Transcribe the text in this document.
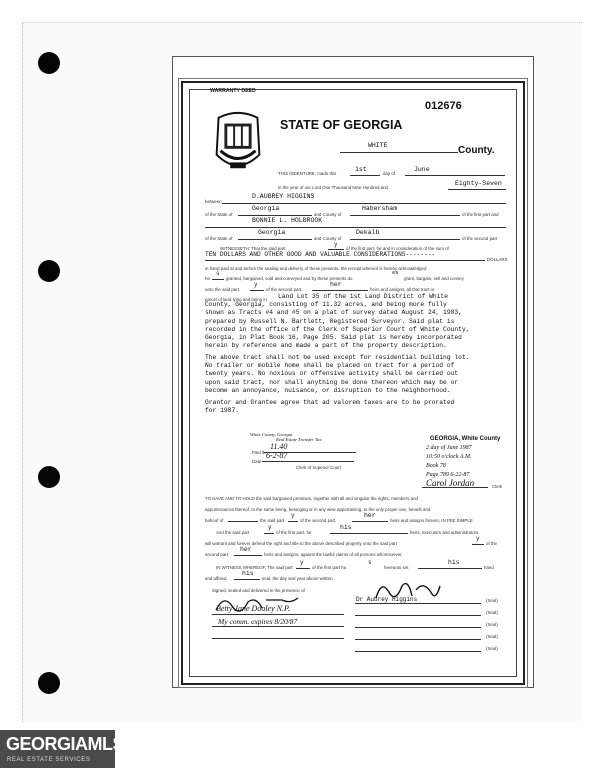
WARRANTY DEED
012676
STATE OF GEORGIA
WHITE	County.
THIS INDENTURE, made this
1st
day of
June
in the year of our Lord One Thousand Nine Hundred and
Eighty-Seven
between
D.AUBREY HIGGINS
of the State of
Georgia
and County of
Habersham
of the first part and
BONNIE L. HOLBROOK
of the State of
Georgia
and County of
Dekalb
of the second part
WITNESSETH: That the said part
y
of the first part, for and in consideration of the sum of
TEN DOLLARS AND OTHER GOOD AND VALUABLE CONSIDERATIONS--------
DOLLARS
in hand paid at and before the sealing and delivery of these presents, the receipt whereof is hereby acknowledged
he
s
granted, bargained, sold and conveyed and by these presents do
es
grant, bargain, sell and convey
unto the said part
y
of the second part,
her
heirs and assigns, all that tract or
parcel of land lying and being in Land Lot 35 of the 1st Land District of White
County, Georgia, consisting of 11.32 acres, and being more fully
shown as Tracts #4 and #5 on a plat of survey dated August 24, 1983,
prepared by Russell N. Bartlett, Registered Surveyor. Said plat is
recorded in the office of the Clerk of Superior Court of White County,
Georgia, in Plat Book 16, Page 205. Said plat is hereby incorporated
herein by reference and made a part of the property description.
The above tract shall not be used except for residential building lot.
No trailer or mobile home shall be placed on tract for a period of
twenty years. No noxious or offensive activity shall be carried out
upon said tract, nor shall anything be done thereon which may be or
become an annoyance, nuisance, or disruption to the neighborhood.
Grantor and Grantee agree that ad valorem taxes are to be prorated
for 1987.
White County, Georgia
Real Estate Transfer Tax
Paid $
11.40
Date
6-2-87
Clerk of Superior Court
GEORGIA, White County
2 day of June 1987
10:50 o'clock A.M.
Book 78
Page 789 6-22-87
Carol Jordan	Clerk
TO HAVE AND TO HOLD the said bargained premises, together with all and singular the rights, members and
appurtenances thereof, to the same being, belonging or in any wise appertaining, to the only proper use, benefit and
behoof of	the said part
y
of the second part,
her
heirs and assigns forever, IN FEE SIMPLE.
And the said part
y
of the first part, for
his
heirs, executors and administrators
will warrant and forever defend the right and title to the above described property unto the said part
y
of the
second part,
her
heirs and assigns, against the lawful claims of all persons whomsoever.
IN WITNESS WHEREOF, The said part
y
of the first part ha
s
hereunto set
his
hand
and affixed
his
seal, the day and year above written.
Signed, sealed and delivered in the presence of
Dr Aubrey Higgins
Betty Jane Dooley N.P.
My comm. expires 8/20/87
(Seal)
(Seal)
(Seal)
(Seal)
(Seal)
GEORGIAMLS
REAL ESTATE SERVICES
